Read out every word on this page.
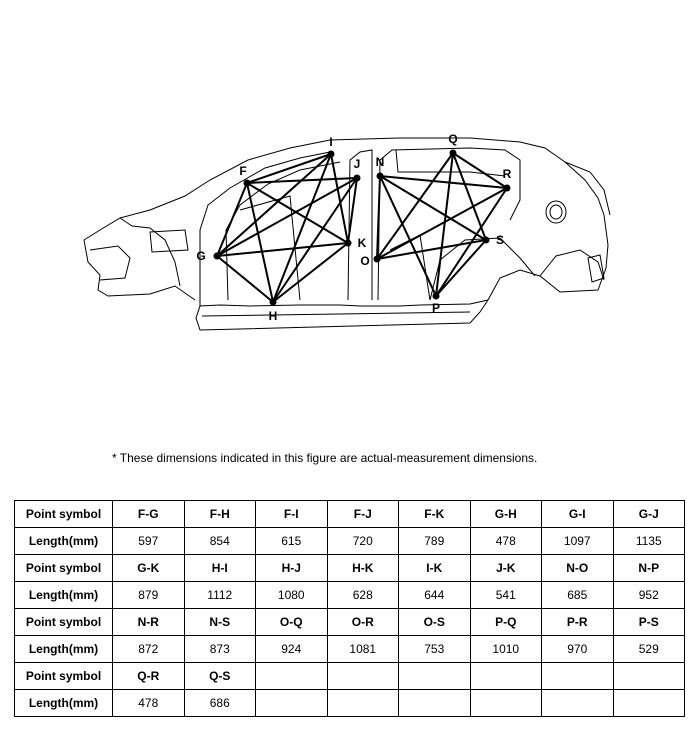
F
G
H
I
J
K
N
O
P
Q
R
S
* These dimensions indicated in this figure are actual-measurement dimensions.
Point symbol	F-G	F-H	F-I	F-J	F-K	G-H	G-I	G-J
Length(mm)	597	854	615	720	789	478	1097	1135
Point symbol	G-K	H-I	H-J	H-K	I-K	J-K	N-O	N-P
Length(mm)	879	1112	1080	628	644	541	685	952
Point symbol	N-R	N-S	O-Q	O-R	O-S	P-Q	P-R	P-S
Length(mm)	872	873	924	1081	753	1010	970	529
Point symbol	Q-R	Q-S						
Length(mm)	478	686						
